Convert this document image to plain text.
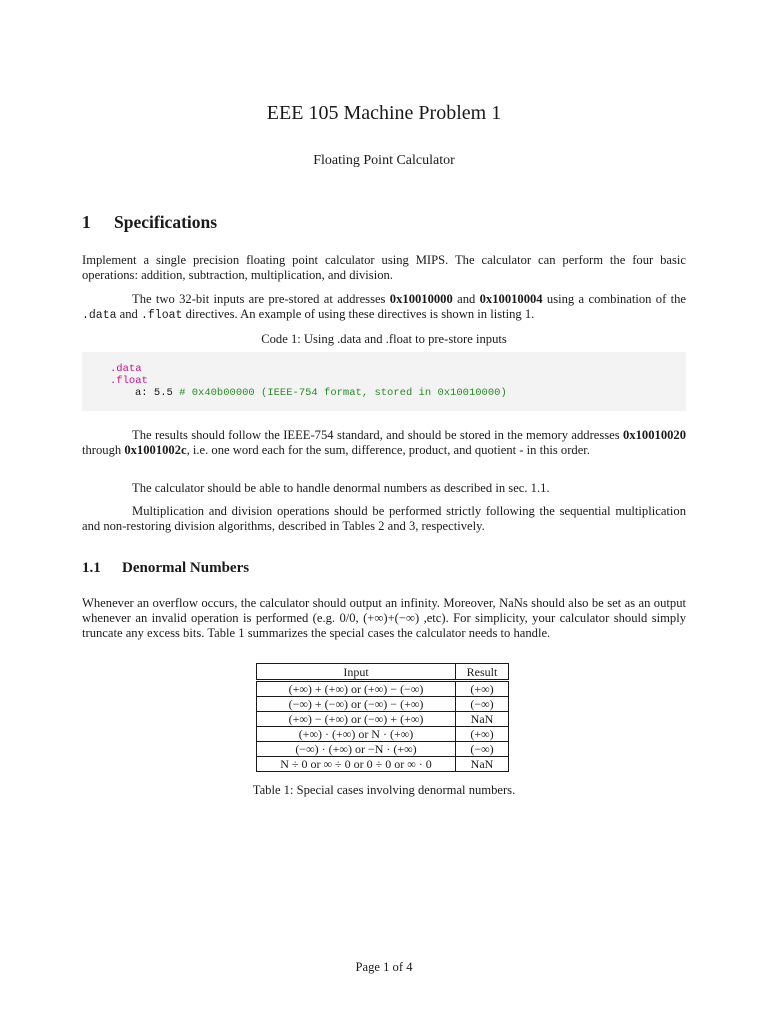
EEE 105 Machine Problem 1
Floating Point Calculator
1 Specifications
Implement a single precision floating point calculator using MIPS. The calculator can perform the four basic operations: addition, subtraction, multiplication, and division.
The two 32-bit inputs are pre-stored at addresses 0x10010000 and 0x10010004 using a combination of the .data and .float directives. An example of using these directives is shown in listing 1.
Code 1: Using .data and .float to pre-store inputs
.data
.float
a: 5.5 # 0x40b00000 (IEEE-754 format, stored in 0x10010000)
The results should follow the IEEE-754 standard, and should be stored in the memory addresses 0x10010020 through 0x1001002c, i.e. one word each for the sum, difference, product, and quotient - in this order.
The calculator should be able to handle denormal numbers as described in sec. 1.1.
Multiplication and division operations should be performed strictly following the sequential multiplication and non-restoring division algorithms, described in Tables 2 and 3, respectively.
1.1 Denormal Numbers
Whenever an overflow occurs, the calculator should output an infinity. Moreover, NaNs should also be set as an output whenever an invalid operation is performed (e.g. 0/0, (+∞)+(−∞) ,etc). For simplicity, your calculator should simply truncate any excess bits. Table 1 summarizes the special cases the calculator needs to handle.
Input	Result
(+∞) + (+∞) or (+∞) − (−∞)	(+∞)
(−∞) + (−∞) or (−∞) − (+∞)	(−∞)
(+∞) − (+∞) or (−∞) + (+∞)	NaN
(+∞) · (+∞) or N · (+∞)	(+∞)
(−∞) · (+∞) or −N · (+∞)	(−∞)
N ÷ 0 or ∞ ÷ 0 or 0 ÷ 0 or ∞ · 0	NaN
Table 1: Special cases involving denormal numbers.
Page 1 of 4
